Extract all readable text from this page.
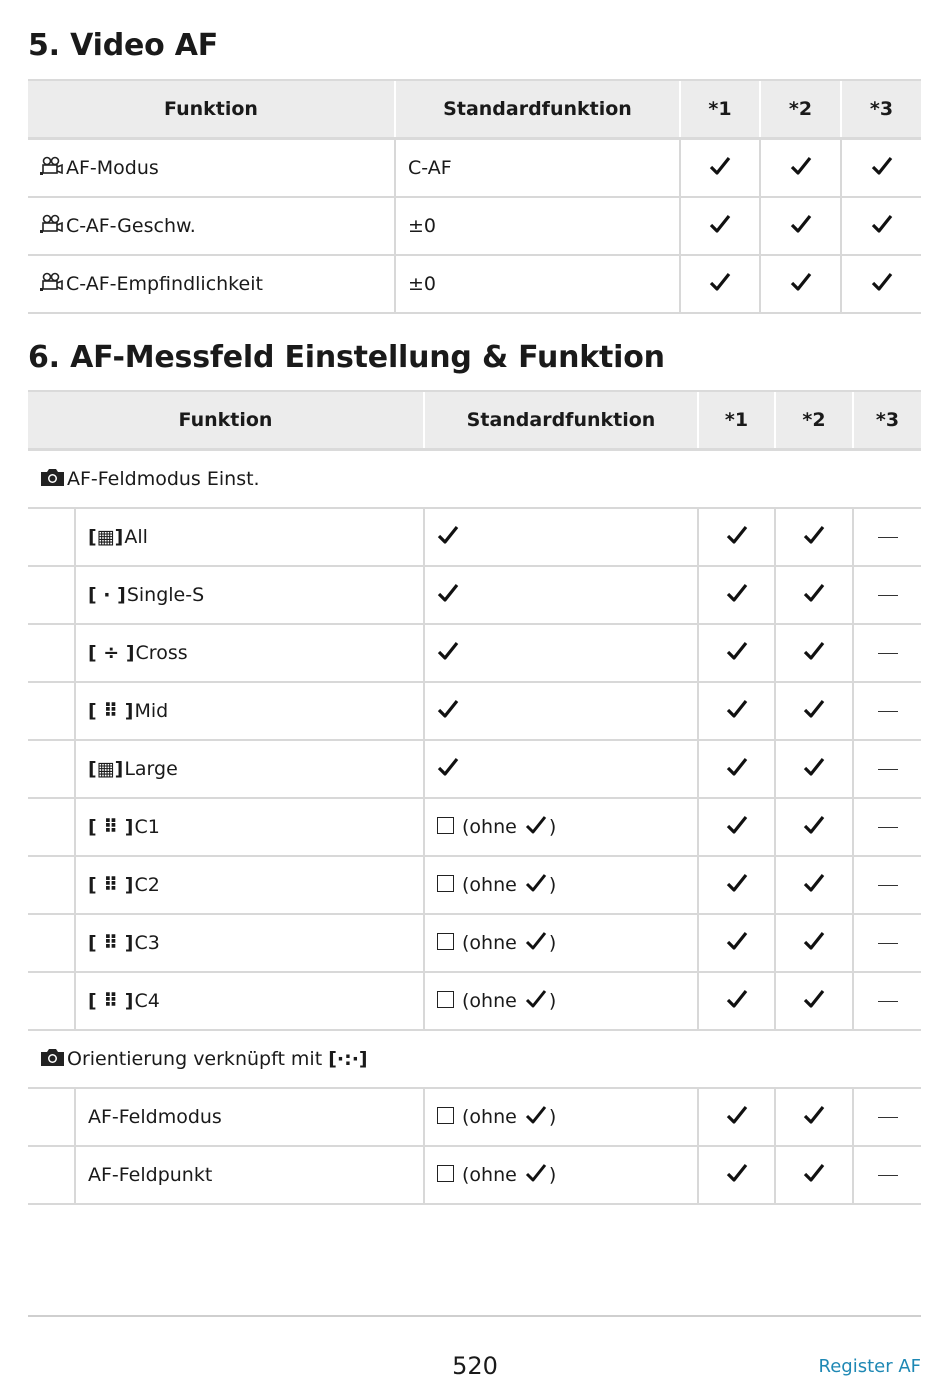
5. Video AF
Funktion	Standardfunktion	*1	*2	*3
AF-Modus	C-AF			
C-AF-Geschw.	±0			
C-AF-Empfindlichkeit	±0			
6. AF-Messfeld Einstellung & Funktion
Funktion		Standardfunktion	*1	*2	*3
AF-Feldmodus Einst.					
	[▦]All				
	[ · ]Single-S				
	[ ÷ ]Cross				
	[ ⠿ ]Mid				
	[▦]Large				
	[ ⠿ ]C1	(ohne )			
	[ ⠿ ]C2	(ohne )			
	[ ⠿ ]C3	(ohne )			
	[ ⠿ ]C4	(ohne )			
Orientierung verknüpft mit [·:·]					
	AF-Feldmodus	(ohne )			
	AF-Feldpunkt	(ohne )			
520	Register AF
